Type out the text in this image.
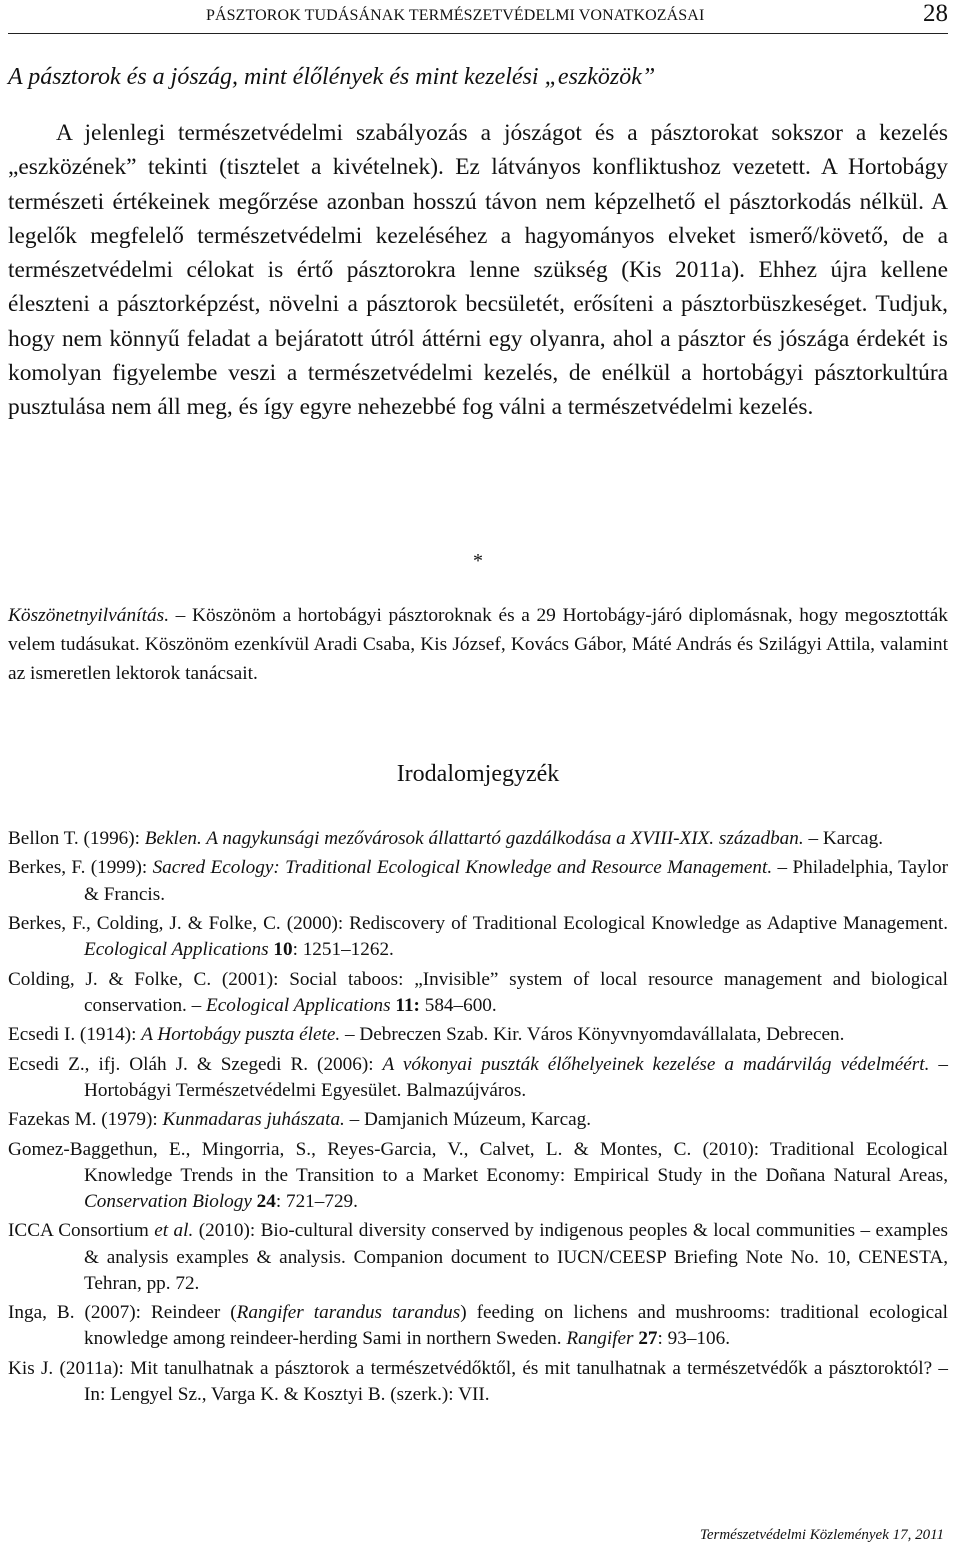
PÁSZTOROK TUDÁSÁNAK TERMÉSZETVÉDELMI VONATKOZÁSAI	28
A pásztorok és a jószág, mint élőlények és mint kezelési „eszközök”

A jelenlegi természetvédelmi szabályozás a jószágot és a pásztorokat sokszor a kezelés „eszközének” tekinti (tisztelet a kivételnek). Ez látványos konfliktushoz vezetett. A Hortobágy természeti értékeinek megőrzése azonban hosszú távon nem képzelhető el pásztorkodás nélkül. A legelők megfelelő természetvédelmi kezeléséhez a hagyományos elveket ismerő/követő, de a természetvédelmi célokat is értő pásztorokra lenne szükség (Kis 2011a). Ehhez újra kellene éleszteni a pásztorképzést, növelni a pásztorok becsületét, erősíteni a pásztorbüszkeséget. Tudjuk, hogy nem könnyű feladat a bejáratott útról áttérni egy olyanra, ahol a pásztor és jószága érdekét is komolyan figyelembe veszi a természetvédelmi kezelés, de enélkül a hortobágyi pásztorkultúra pusztulása nem áll meg, és így egyre nehezebbé fog válni a természetvédelmi kezelés.

*

Köszönetnyilvánítás. – Köszönöm a hortobágyi pásztoroknak és a 29 Hortobágy-járó diplomásnak, hogy megosztották velem tudásukat. Köszönöm ezenkívül Aradi Csaba, Kis József, Kovács Gábor, Máté András és Szilágyi Attila, valamint az ismeretlen lektorok tanácsait.

Irodalomjegyzék

Bellon T. (1996): Beklen. A nagykunsági mezővárosok állattartó gazdálkodása a XVIII-XIX. században. – Karcag.

Berkes, F. (1999): Sacred Ecology: Traditional Ecological Knowledge and Resource Management. – Philadelphia, Taylor & Francis.

Berkes, F., Colding, J. & Folke, C. (2000): Rediscovery of Traditional Ecological Knowledge as Adaptive Management. Ecological Applications 10: 1251–1262.

Colding, J. & Folke, C. (2001): Social taboos: „Invisible” system of local resource management and biological conservation. – Ecological Applications 11: 584–600.

Ecsedi I. (1914): A Hortobágy puszta élete. – Debreczen Szab. Kir. Város Könyvnyomdavállalata, Debrecen.

Ecsedi Z., ifj. Oláh J. & Szegedi R. (2006): A vókonyai puszták élőhelyeinek kezelése a madárvilág védelméért. – Hortobágyi Természetvédelmi Egyesület. Balmazújváros.

Fazekas M. (1979): Kunmadaras juhászata. – Damjanich Múzeum, Karcag.

Gomez-Baggethun, E., Mingorria, S., Reyes-Garcia, V., Calvet, L. & Montes, C. (2010): Traditional Ecological Knowledge Trends in the Transition to a Market Economy: Empirical Study in the Doñana Natural Areas, Conservation Biology 24: 721–729.

ICCA Consortium et al. (2010): Bio-cultural diversity conserved by indigenous peoples & local communities – examples & analysis examples & analysis. Companion document to IUCN/CEESP Briefing Note No. 10, CENESTA, Tehran, pp. 72.

Inga, B. (2007): Reindeer (Rangifer tarandus tarandus) feeding on lichens and mushrooms: traditional ecological knowledge among reindeer-herding Sami in northern Sweden. Rangifer 27: 93–106.

Kis J. (2011a): Mit tanulhatnak a pásztorok a természetvédőktől, és mit tanulhatnak a természetvédők a pásztoroktól? – In: Lengyel Sz., Varga K. & Kosztyi B. (szerk.): VII.

Természetvédelmi Közlemények 17, 2011
